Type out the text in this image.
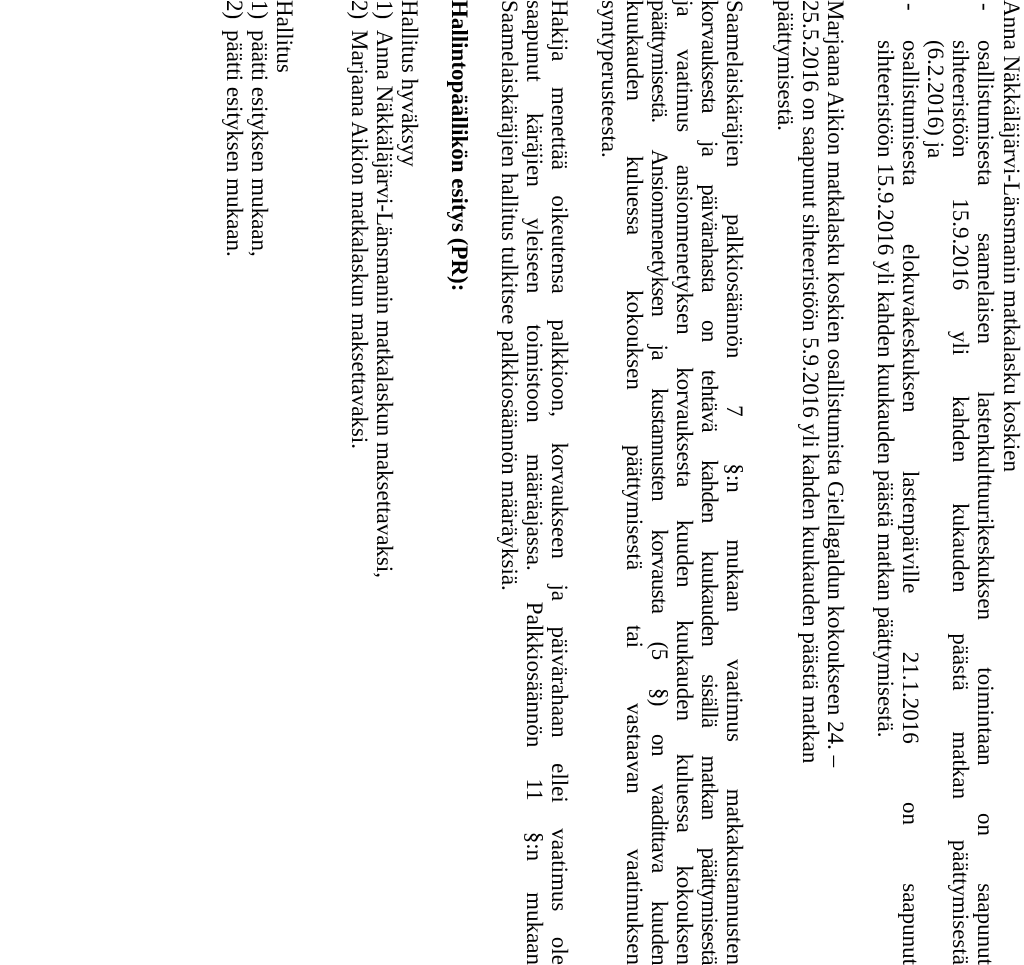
Anna Näkkäläjärvi-Länsmanin matkalasku koskien
-
osallistumisesta saamelaisen lastenkulttuurikeskuksen toimintaan on saapunut
sihteeristöön 15.9.2016 yli kahden kukauden päästä matkan päättymisestä
(6.2.2016) ja
-
osallistumisesta elokuvakeskuksen lastenpäiville 21.1.2016 on saapunut
sihteeristöön 15.9.2016 yli kahden kuukauden päästä matkan päättymisestä.
Marjaana Aikion matkalasku koskien osallistumista Giellagaldun kokoukseen 24. –
25.5.2016 on saapunut sihteeristöön 5.9.2016 yli kahden kuukauden päästä matkan
päättymisestä.
Saamelaiskäräjien palkkiosäännön 7 §:n mukaan vaatimus matkakustannusten
korvauksesta ja päivärahasta on tehtävä kahden kuukauden sisällä matkan päättymisestä
ja vaatimus ansionmenetyksen korvauksesta kuuden kuukauden kuluessa kokouksen
päättymisestä. Ansionmenetyksen ja kustannusten korvausta (5 §) on vaadittava kuuden
kuukauden kuluessa kokouksen päättymisestä tai vastaavan vaatimuksen
syntyperusteesta.
Hakija menettää oikeutensa palkkioon, korvaukseen ja päivärahaan ellei vaatimus ole
saapunut käräjien yleiseen toimistoon määräajassa. Palkkiosäännön 11 §:n mukaan
Saamelaiskäräjien hallitus tulkitsee palkkiosäännön määräyksiä.
Hallintopäällikön esitys (PR):
Hallitus hyväksyy
1)
Anna Näkkäläjärvi-Länsmanin matkalaskun maksettavaksi,
2)
Marjaana Aikion matkalaskun maksettavaksi.
Hallitus
1)
päätti esityksen mukaan,
2)
päätti esityksen mukaan.
